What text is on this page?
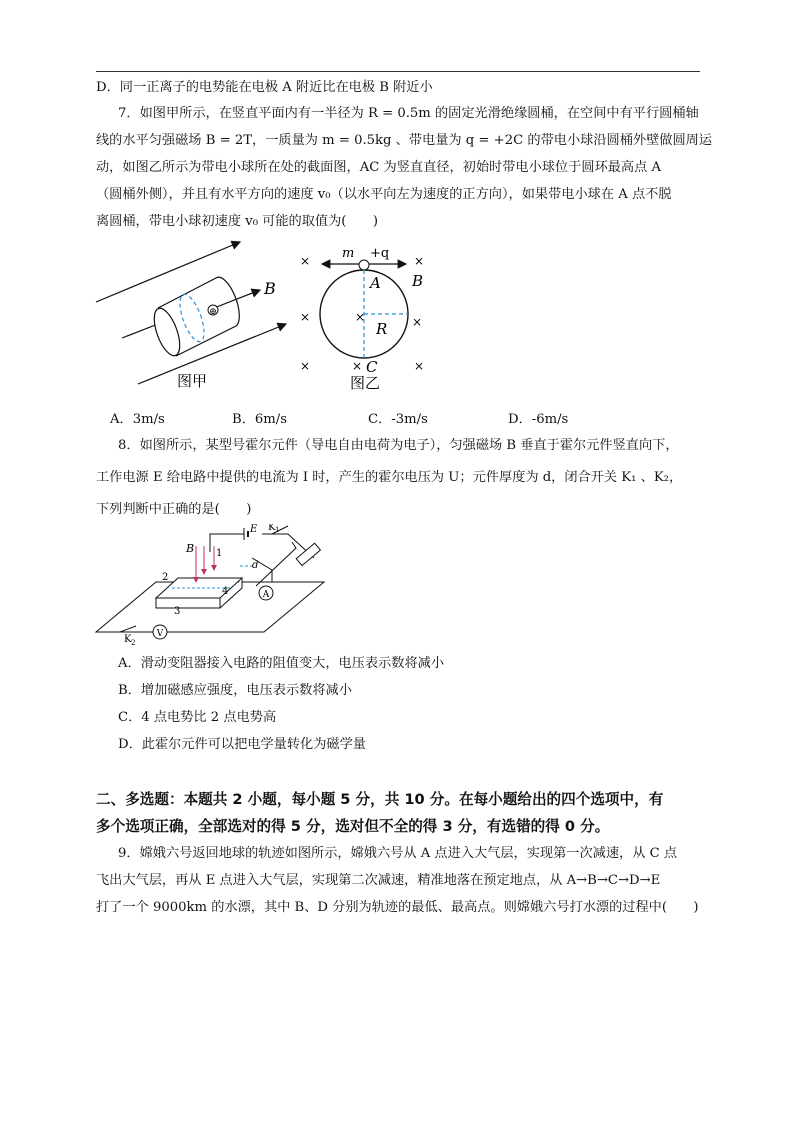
D．同一正离子的电势能在电极 A 附近比在电极 B 附近小
7．如图甲所示，在竖直平面内有一半径为 R = 0.5m 的固定光滑绝缘圆桶，在空间中有平行圆桶轴
线的水平匀强磁场 B = 2T，一质量为 m = 0.5kg 、带电量为 q = +2C 的带电小球沿圆桶外壁做圆周运
动，如图乙所示为带电小球所在处的截面图，AC 为竖直直径，初始时带电小球位于圆环最高点 A
（圆桶外侧），并且有水平方向的速度 v₀（以水平向左为速度的正方向），如果带电小球在 A 点不脱
离圆桶，带电小球初速度 v₀ 可能的取值为(　　)
⊕
B
图甲
m +q
A B
R
C
×	×
×	×	×
×	×	×
图乙
A．3m/s	B．6m/s	C．-3m/s	D．-6m/s
8．如图所示，某型号霍尔元件（导电自由电荷为电子），匀强磁场 B 垂直于霍尔元件竖直向下，
工作电源 E 给电路中提供的电流为 I 时，产生的霍尔电压为 U；元件厚度为 d，闭合开关 K₁ 、K₂，
下列判断中正确的是(　　)
E K 1
B 1
2
3
4
d
A
V
K 2
A．滑动变阻器接入电路的阻值变大，电压表示数将减小
B．增加磁感应强度，电压表示数将减小
C．4 点电势比 2 点电势高
D．此霍尔元件可以把电学量转化为磁学量
二、多选题：本题共 2 小题，每小题 5 分，共 10 分。在每小题给出的四个选项中，有
多个选项正确，全部选对的得 5 分，选对但不全的得 3 分，有选错的得 0 分。
9．嫦娥六号返回地球的轨迹如图所示，嫦娥六号从 A 点进入大气层，实现第一次减速，从 C 点
飞出大气层，再从 E 点进入大气层，实现第二次减速，精准地落在预定地点，从 A→B→C→D→E
打了一个 9000km 的水漂，其中 B、D 分别为轨迹的最低、最高点。则嫦娥六号打水漂的过程中(　　)
